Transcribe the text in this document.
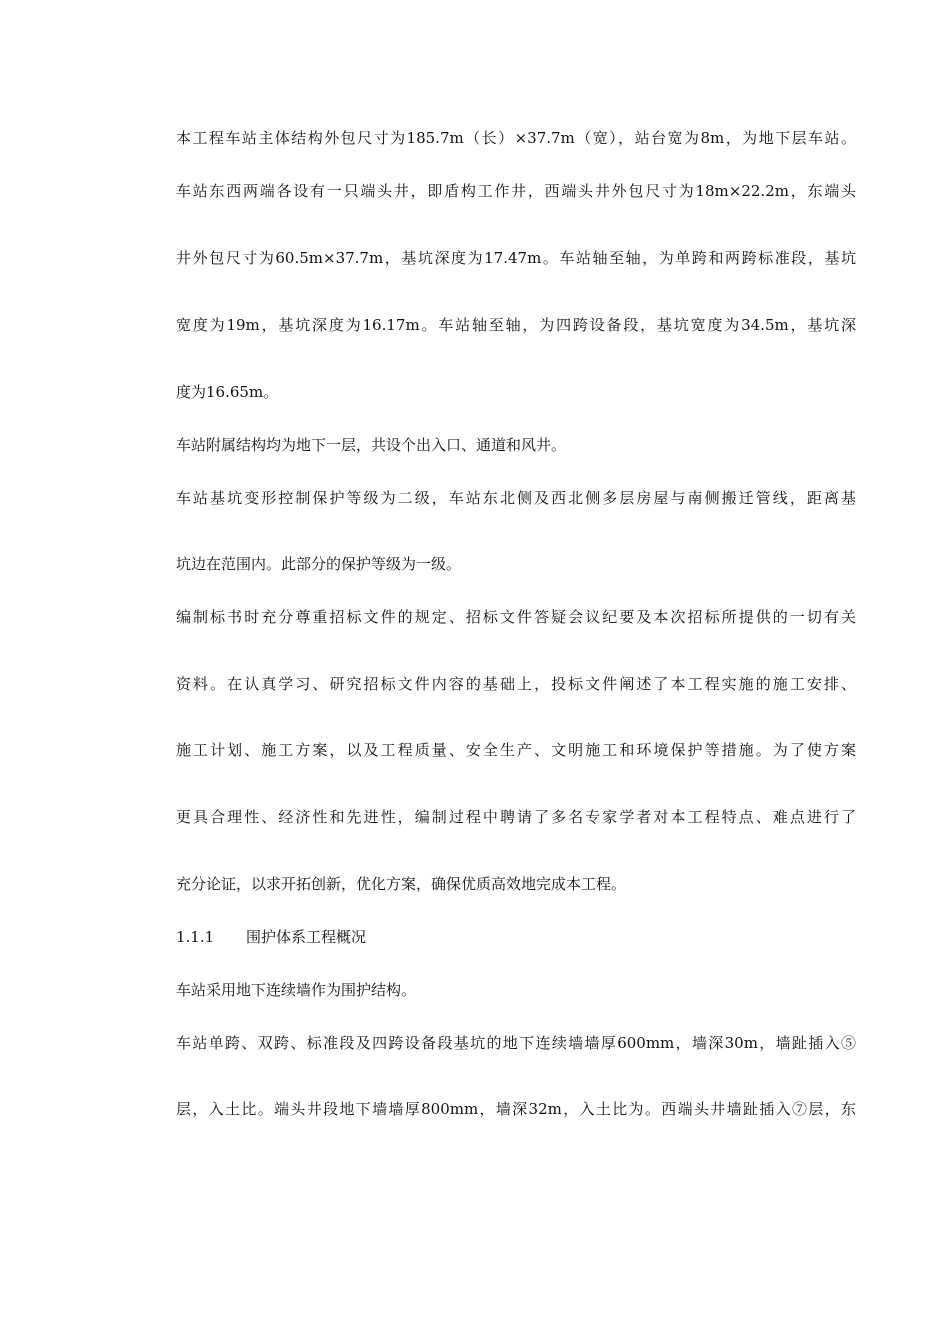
本工程车站主体结构外包尺寸为185.7m（长）×37.7m（宽），站台宽为8m，为地下层车站。
车站东西两端各设有一只端头井，即盾构工作井，西端头井外包尺寸为18m×22.2m，东端头
井外包尺寸为60.5m×37.7m，基坑深度为17.47m。车站轴至轴，为单跨和两跨标准段，基坑
宽度为19m，基坑深度为16.17m。车站轴至轴，为四跨设备段，基坑宽度为34.5m，基坑深
度为16.65m。
车站附属结构均为地下一层，共设个出入口、通道和风井。
车站基坑变形控制保护等级为二级，车站东北侧及西北侧多层房屋与南侧搬迁管线，距离基
坑边在范围内。此部分的保护等级为一级。
编制标书时充分尊重招标文件的规定、招标文件答疑会议纪要及本次招标所提供的一切有关
资料。在认真学习、研究招标文件内容的基础上，投标文件阐述了本工程实施的施工安排、
施工计划、施工方案，以及工程质量、安全生产、文明施工和环境保护等措施。为了使方案
更具合理性、经济性和先进性，编制过程中聘请了多名专家学者对本工程特点、难点进行了
充分论证，以求开拓创新，优化方案，确保优质高效地完成本工程。
1.1.1 围护体系工程概况
车站采用地下连续墙作为围护结构。
车站单跨、双跨、标准段及四跨设备段基坑的地下连续墙墙厚600mm，墙深30m，墙趾插入⑤
层，入土比。端头井段地下墙墙厚800mm，墙深32m，入土比为。西端头井墙趾插入⑦层，东
